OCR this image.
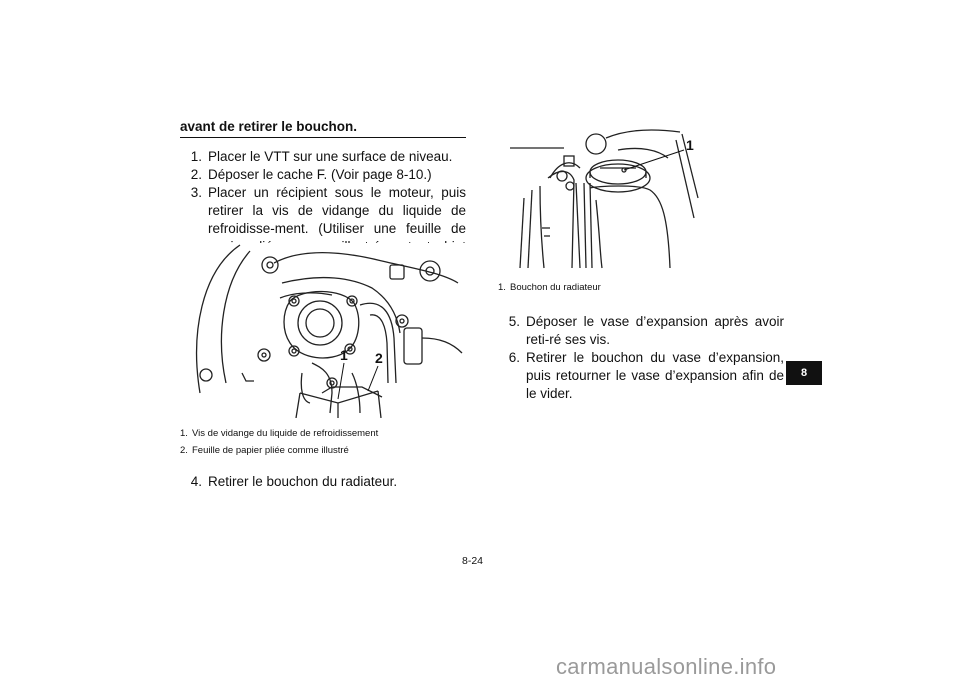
avant de retirer le bouchon.
1. Placer le VTT sur une surface de niveau.
2. Déposer le cache F. (Voir page 8-10.)
3. Placer un récipient sous le moteur, puis retirer la vis de vidange du liquide de refroidisse-ment. (Utiliser une feuille de papier pliée com-me illustré ou tout objet de forme similaire.)
1 2
1. Vis de vidange du liquide de refroidissement
2. Feuille de papier pliée comme illustré
4. Retirer le bouchon du radiateur.
1
1. Bouchon du radiateur
5. Déposer le vase d’expansion après avoir reti-ré ses vis.
6. Retirer le bouchon du vase d’expansion, puis retourner le vase d’expansion afin de le vider.
8
8-24
carmanualsonline.info
